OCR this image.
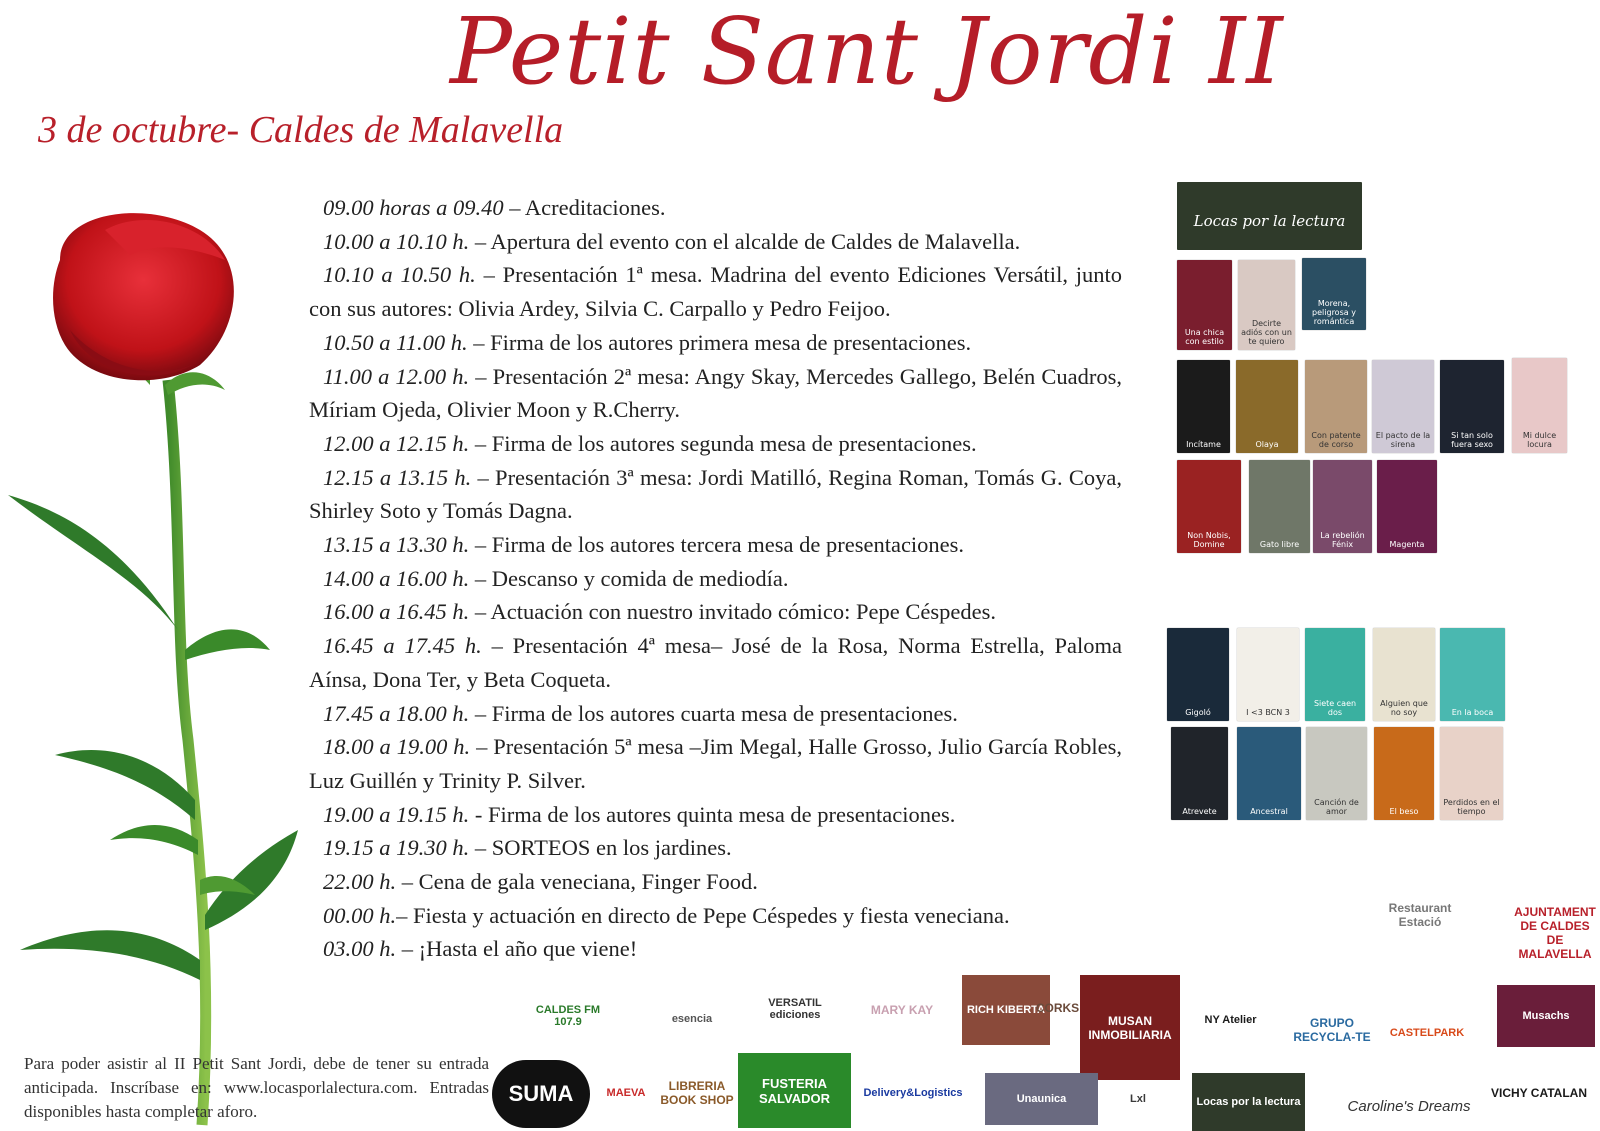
Petit Sant Jordi II
3 de octubre- Caldes de Malavella

09.00 horas a 09.40 – Acreditaciones.

10.00 a 10.10 h. – Apertura del evento con el alcalde de Caldes de Malavella.

10.10 a 10.50 h. – Presentación 1ª mesa. Madrina del evento Ediciones Versátil, junto con sus autores: Olivia Ardey, Silvia C. Carpallo y Pedro Feijoo.

10.50 a 11.00 h. – Firma de los autores primera mesa de presentaciones.

11.00 a 12.00 h. – Presentación 2ª mesa: Angy Skay, Mercedes Gallego, Belén Cuadros, Míriam Ojeda, Olivier Moon y R.Cherry.

12.00 a 12.15 h. – Firma de los autores segunda mesa de presentaciones.

12.15 a 13.15 h. – Presentación 3ª mesa: Jordi Matilló, Regina Roman, Tomás G. Coya, Shirley Soto y Tomás Dagna.

13.15 a 13.30 h. – Firma de los autores tercera mesa de presentaciones.

14.00 a 16.00 h. – Descanso y comida de mediodía.

16.00 a 16.45 h. – Actuación con nuestro invitado cómico: Pepe Céspedes.

16.45 a 17.45 h. – Presentación 4ª mesa– José de la Rosa, Norma Estrella, Paloma Aínsa, Dona Ter, y Beta Coqueta.

17.45 a 18.00 h. – Firma de los autores cuarta mesa de presentaciones.

18.00 a 19.00 h. – Presentación 5ª mesa –Jim Megal, Halle Grosso, Julio García Robles, Luz Guillén y Trinity P. Silver.

19.00 a 19.15 h. - Firma de los autores quinta mesa de presentaciones.

19.15 a 19.30 h. – SORTEOS en los jardines.

22.00 h. – Cena de gala veneciana, Finger Food.

00.00 h.– Fiesta y actuación en directo de Pepe Céspedes y fiesta veneciana.

03.00 h. – ¡Hasta el año que viene!

Locas por la lectura
Una chica con estilo
Decirte adiós con un te quiero
Morena, peligrosa y romántica
Incítame	Olaya
Con patente de corso
El pacto de la sirena
Si tan solo fuera sexo
Mi dulce locura
Non Nobis, Domine	Gato libre
La rebelión Fénix	Magenta
Gigoló	I <3 BCN 3
Siete caen dos
Alguien que no soy	En la boca
Atrevete	Ancestral
Canción de amor	El beso
Perdidos en el tiempo
Para poder asistir al II Petit Sant Jordi, debe de tener su entrada anticipada. Inscríbase en: www.locasporlalectura.com. Entradas disponibles hasta completar aforo.
CALDES FM 107.9	esencia
VERSATIL ediciones	MARY KAY	RICH KIBERTA
CORKS
MUSAN INMOBILIARIA
NY Atelier	GRUPO RECYCLA-TE	CASTELPARK
Musachs
SUMA	MAEVA	LIBRERIA BOOK SHOP
FUSTERIA SALVADOR	Delivery&Logistics	Unaunica	Lxl	Locas por la lectura	Caroline's Dreams
VICHY CATALAN
Restaurant Estació
AJUNTAMENT DE CALDES DE MALAVELLA
